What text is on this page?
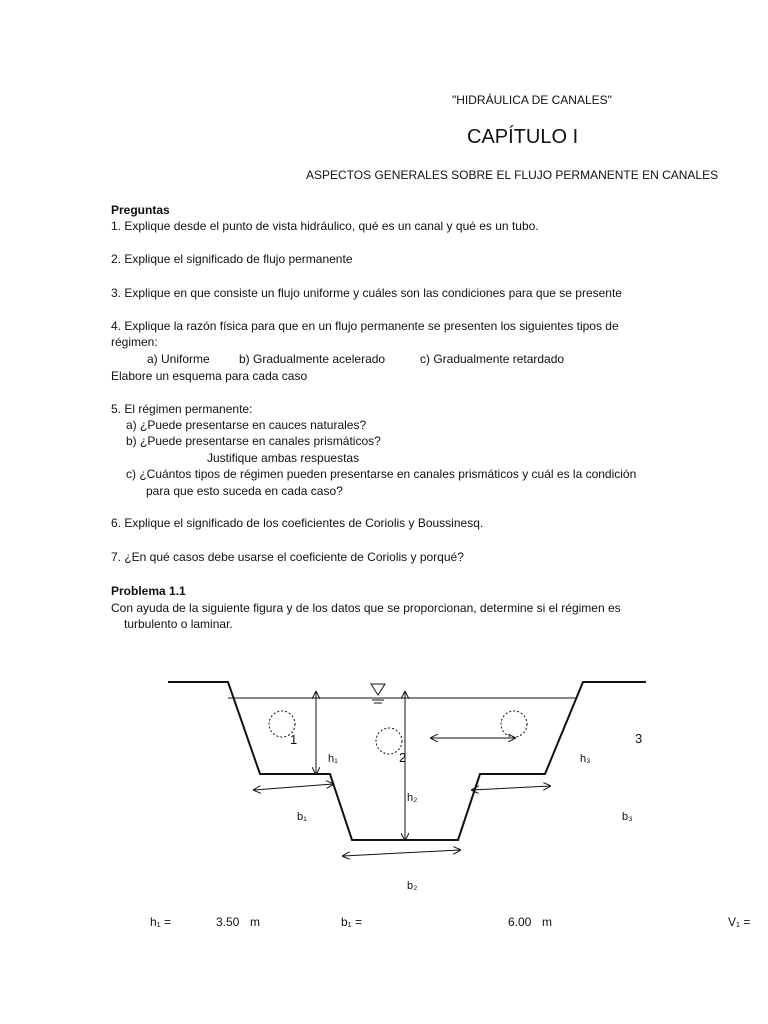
"HIDRÁULICA DE CANALES"
CAPÍTULO I
ASPECTOS GENERALES SOBRE EL FLUJO PERMANENTE EN CANALES
Preguntas
1. Explique desde el punto de vista hidráulico, qué es un canal y qué es un tubo.
2. Explique el significado de flujo permanente
3. Explique en que consiste un flujo uniforme y cuáles son las condiciones para que se presente
4. Explique la razón física para que en un flujo permanente se presenten los siguientes tipos de
régimen:
a) Uniforme b) Gradualmente acelerado	c) Gradualmente retardado
Elabore un esquema para cada caso
5. El régimen permanente:
a) ¿Puede presentarse en cauces naturales?
b) ¿Puede presentarse en canales prismáticos?
Justifique ambas respuestas
c) ¿Cuántos tipos de régimen pueden presentarse en canales prismáticos y cuál es la condición
para que esto suceda en cada caso?
6. Explique el significado de los coeficientes de Coriolis y Boussinesq.
7. ¿En qué casos debe usarse el coeficiente de Coriolis y porqué?
Problema 1.1
Con ayuda de la siguiente figura y de los datos que se proporcionan, determine si el régimen es
turbulento o laminar.
1
2
3
h₁
h₂
h₃
b₁
b₂
b₃
h₁ =	3.50 m	b₁ =	6.00 m	V₁ =
